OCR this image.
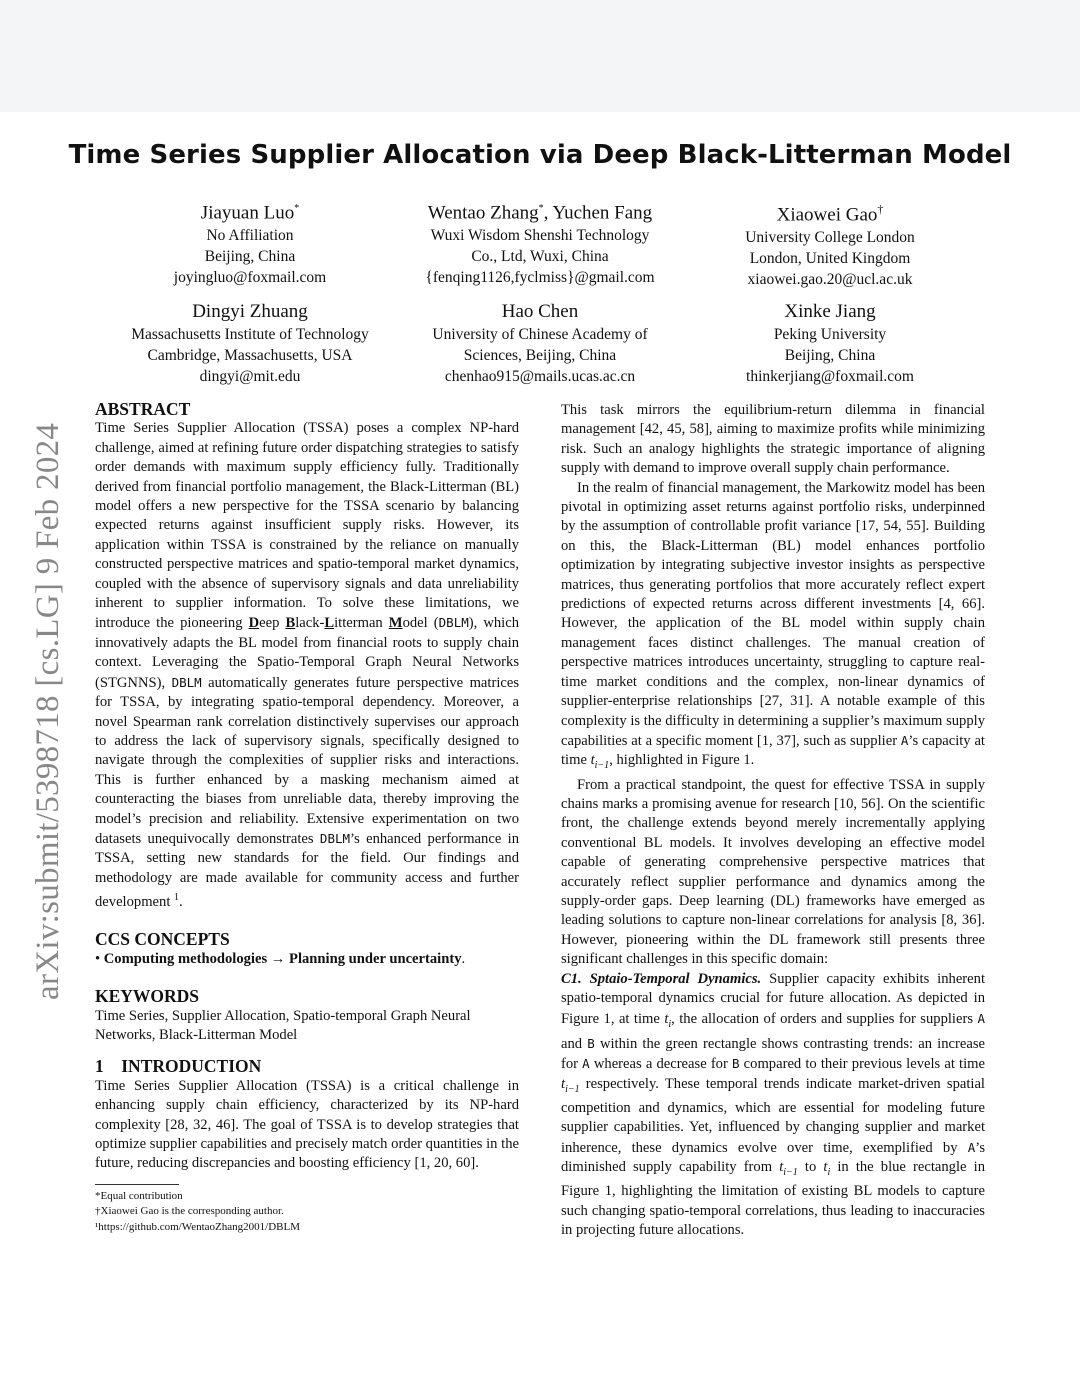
Time Series Supplier Allocation via Deep Black-Litterman Model
Jiayuan Luo*
No Affiliation
Beijing, China
joyingluo@foxmail.com
Wentao Zhang*, Yuchen Fang
Wuxi Wisdom Shenshi Technology
Co., Ltd, Wuxi, China
{fenqing1126,fyclmiss}@gmail.com
Xiaowei Gao†
University College London
London, United Kingdom
xiaowei.gao.20@ucl.ac.uk
Dingyi Zhuang
Massachusetts Institute of Technology
Cambridge, Massachusetts, USA
dingyi@mit.edu
Hao Chen
University of Chinese Academy of
Sciences, Beijing, China
chenhao915@mails.ucas.ac.cn
Xinke Jiang
Peking University
Beijing, China
thinkerjiang@foxmail.com
arXiv:submit/5398718 [cs.LG] 9 Feb 2024

ABSTRACT

Time Series Supplier Allocation (TSSA) poses a complex NP-hard challenge, aimed at refining future order dispatching strategies to satisfy order demands with maximum supply efficiency fully. Traditionally derived from financial portfolio management, the Black-Litterman (BL) model offers a new perspective for the TSSA scenario by balancing expected returns against insufficient supply risks. However, its application within TSSA is constrained by the reliance on manually constructed perspective matrices and spatio-temporal market dynamics, coupled with the absence of supervisory signals and data unreliability inherent to supplier information. To solve these limitations, we introduce the pioneering Deep Black-Litterman Model (DBLM), which innovatively adapts the BL model from financial roots to supply chain context. Leveraging the Spatio-Temporal Graph Neural Networks (STGNNS), DBLM automatically generates future perspective matrices for TSSA, by integrating spatio-temporal dependency. Moreover, a novel Spearman rank correlation distinctively supervises our approach to address the lack of supervisory signals, specifically designed to navigate through the complexities of supplier risks and interactions. This is further enhanced by a masking mechanism aimed at counteracting the biases from unreliable data, thereby improving the model’s precision and reliability. Extensive experimentation on two datasets unequivocally demonstrates DBLM’s enhanced performance in TSSA, setting new standards for the field. Our findings and methodology are made available for community access and further development $^1$.

CCS CONCEPTS

• Computing methodologies → Planning under uncertainty.

KEYWORDS

Time Series, Supplier Allocation, Spatio-temporal Graph Neural Networks, Black-Litterman Model

1    INTRODUCTION

Time Series Supplier Allocation (TSSA) is a critical challenge in enhancing supply chain efficiency, characterized by its NP-hard complexity [28, 32, 46]. The goal of TSSA is to develop strategies that optimize supplier capabilities and precisely match order quantities in the future, reducing discrepancies and boosting efficiency [1, 20, 60].

*Equal contribution

†Xiaowei Gao is the corresponding author.

¹https://github.com/WentaoZhang2001/DBLM

This task mirrors the equilibrium-return dilemma in financial management [42, 45, 58], aiming to maximize profits while minimizing risk. Such an analogy highlights the strategic importance of aligning supply with demand to improve overall supply chain performance.

In the realm of financial management, the Markowitz model has been pivotal in optimizing asset returns against portfolio risks, underpinned by the assumption of controllable profit variance [17, 54, 55]. Building on this, the Black-Litterman (BL) model enhances portfolio optimization by integrating subjective investor insights as perspective matrices, thus generating portfolios that more accurately reflect expert predictions of expected returns across different investments [4, 66]. However, the application of the BL model within supply chain management faces distinct challenges. The manual creation of perspective matrices introduces uncertainty, struggling to capture real-time market conditions and the complex, non-linear dynamics of supplier-enterprise relationships [27, 31]. A notable example of this complexity is the difficulty in determining a supplier’s maximum supply capabilities at a specific moment [1, 37], such as supplier A’s capacity at time $t_{i-1}$, highlighted in Figure 1.

From a practical standpoint, the quest for effective TSSA in supply chains marks a promising avenue for research [10, 56]. On the scientific front, the challenge extends beyond merely incrementally applying conventional BL models. It involves developing an effective model capable of generating comprehensive perspective matrices that accurately reflect supplier performance and dynamics among the supply-order gaps. Deep learning (DL) frameworks have emerged as leading solutions to capture non-linear correlations for analysis [8, 36]. However, pioneering within the DL framework still presents three significant challenges in this specific domain:

C1. Sptaio-Temporal Dynamics. Supplier capacity exhibits inherent spatio-temporal dynamics crucial for future allocation. As depicted in Figure 1, at time $t_i$, the allocation of orders and supplies for suppliers A and B within the green rectangle shows contrasting trends: an increase for A whereas a decrease for B compared to their previous levels at time $t_{i-1}$ respectively. These temporal trends indicate market-driven spatial competition and dynamics, which are essential for modeling future supplier capabilities. Yet, influenced by changing supplier and market inherence, these dynamics evolve over time, exemplified by A’s diminished supply capability from $t_{i-1}$ to $t_i$ in the blue rectangle in Figure 1, highlighting the limitation of existing BL models to capture such changing spatio-temporal correlations, thus leading to inaccuracies in projecting future allocations.
